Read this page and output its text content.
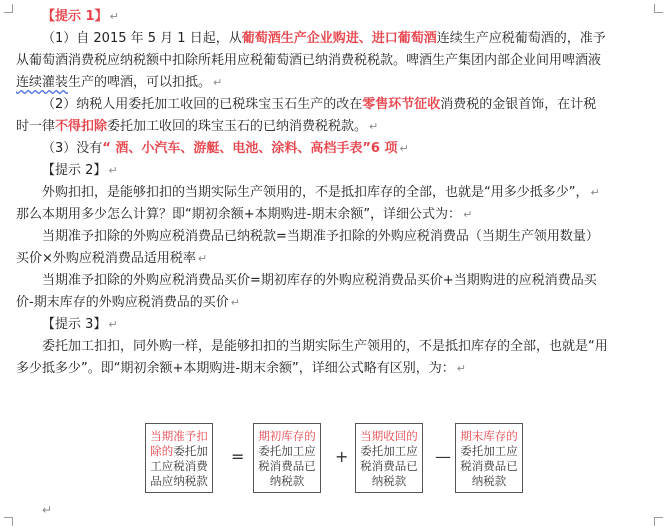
【提示 1】 ↵
（1）自 2015 年 5 月 1 日起，从葡萄酒生产企业购进、进口葡萄酒连续生产应税葡萄酒的，准予
从葡萄酒消费税应纳税额中扣除所耗用应税葡萄酒已纳消费税税款。啤酒生产集团内部企业间用啤酒液
连续灌装生产的啤酒，可以扣抵。 ↵
（2）纳税人用委托加工收回的已税珠宝玉石生产的改在零售环节征收消费税的金银首饰，在计税
时一律不得扣除委托加工收回的珠宝玉石的已纳消费税税款。 ↵
（3）没有“ 酒、小汽车、游艇、电池、涂料、高档手表”6 项 ↵
【提示 2】 ↵
外购扣扣，是能够扣扣的当期实际生产领用的，不是抵扣库存的全部，也就是“用多少抵多少”， ↵
那么本期用多少怎么计算？即“期初余额+本期购进-期末余额”，详细公式为： ↵
当期准予扣除的外购应税消费品已纳税款=当期准予扣除的外购应税消费品（当期生产领用数量）
买价×外购应税消费品适用税率 ↵
当期准予扣除的外购应税消费品买价=期初库存的外购应税消费品买价+当期购进的应税消费品买
价-期末库存的外购应税消费品的买价 ↵
【提示 3】 ↵
委托加工扣扣，同外购一样，是能够扣扣的当期实际生产领用的，不是抵扣库存的全部，也就是“用
多少抵多少”。即“期初余额+本期购进-期末余额”，详细公式略有区别，为： ↵
当期准予扣
除的委托加
工应税消费
品应纳税款
=
期初库存的
委托加工应
税消费品已
纳税款
+
当期收回的
委托加工应
税消费品已
纳税款
—
期末库存的
委托加工应
税消费品已
纳税款
↵
